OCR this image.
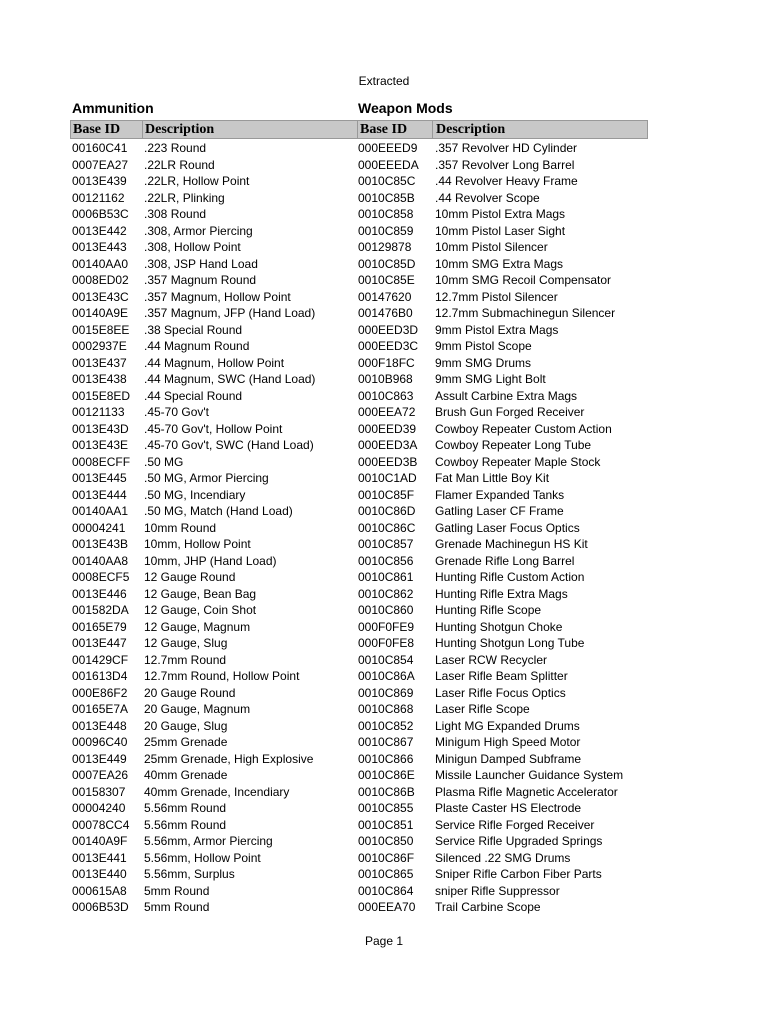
Extracted
Ammunition	Weapon Mods
Base ID Description	Base ID Description
00160C41 .223 Round
0007EA27 .22LR Round
0013E439 .22LR, Hollow Point
00121162 .22LR, Plinking
0006B53C .308 Round
0013E442 .308, Armor Piercing
0013E443 .308, Hollow Point
00140AA0 .308, JSP Hand Load
0008ED02 .357 Magnum Round
0013E43C .357 Magnum, Hollow Point
00140A9E .357 Magnum, JFP (Hand Load)
0015E8EE .38 Special Round
0002937E .44 Magnum Round
0013E437 .44 Magnum, Hollow Point
0013E438 .44 Magnum, SWC (Hand Load)
0015E8ED .44 Special Round
00121133 .45-70 Gov't
0013E43D .45-70 Gov't, Hollow Point
0013E43E .45-70 Gov't, SWC (Hand Load)
0008ECFF .50 MG
0013E445 .50 MG, Armor Piercing
0013E444 .50 MG, Incendiary
00140AA1 .50 MG, Match (Hand Load)
00004241 10mm Round
0013E43B 10mm, Hollow Point
00140AA8 10mm, JHP (Hand Load)
0008ECF5 12 Gauge Round
0013E446 12 Gauge, Bean Bag
001582DA 12 Gauge, Coin Shot
00165E79 12 Gauge, Magnum
0013E447 12 Gauge, Slug
001429CF 12.7mm Round
001613D4 12.7mm Round, Hollow Point
000E86F2 20 Gauge Round
00165E7A 20 Gauge, Magnum
0013E448 20 Gauge, Slug
00096C40 25mm Grenade
0013E449 25mm Grenade, High Explosive
0007EA26 40mm Grenade
00158307 40mm Grenade, Incendiary
00004240 5.56mm Round
00078CC4 5.56mm Round
00140A9F 5.56mm, Armor Piercing
0013E441 5.56mm, Hollow Point
0013E440 5.56mm, Surplus
000615A8 5mm Round
0006B53D 5mm Round
000EEED9 .357 Revolver HD Cylinder
000EEEDA .357 Revolver Long Barrel
0010C85C .44 Revolver Heavy Frame
0010C85B .44 Revolver Scope
0010C858 10mm Pistol Extra Mags
0010C859 10mm Pistol Laser Sight
00129878 10mm Pistol Silencer
0010C85D 10mm SMG Extra Mags
0010C85E 10mm SMG Recoil Compensator
00147620 12.7mm Pistol Silencer
001476B0 12.7mm Submachinegun Silencer
000EED3D 9mm Pistol Extra Mags
000EED3C 9mm Pistol Scope
000F18FC 9mm SMG Drums
0010B968 9mm SMG Light Bolt
0010C863 Assult Carbine Extra Mags
000EEA72 Brush Gun Forged Receiver
000EED39 Cowboy Repeater Custom Action
000EED3A Cowboy Repeater Long Tube
000EED3B Cowboy Repeater Maple Stock
0010C1AD Fat Man Little Boy Kit
0010C85F Flamer Expanded Tanks
0010C86D Gatling Laser CF Frame
0010C86C Gatling Laser Focus Optics
0010C857 Grenade Machinegun HS Kit
0010C856 Grenade Rifle Long Barrel
0010C861 Hunting Rifle Custom Action
0010C862 Hunting Rifle Extra Mags
0010C860 Hunting Rifle Scope
000F0FE9 Hunting Shotgun Choke
000F0FE8 Hunting Shotgun Long Tube
0010C854 Laser RCW Recycler
0010C86A Laser Rifle Beam Splitter
0010C869 Laser Rifle Focus Optics
0010C868 Laser Rifle Scope
0010C852 Light MG Expanded Drums
0010C867 Minigum High Speed Motor
0010C866 Minigun Damped Subframe
0010C86E Missile Launcher Guidance System
0010C86B Plasma Rifle Magnetic Accelerator
0010C855 Plaste Caster HS Electrode
0010C851 Service Rifle Forged Receiver
0010C850 Service Rifle Upgraded Springs
0010C86F Silenced .22 SMG Drums
0010C865 Sniper Rifle Carbon Fiber Parts
0010C864 sniper Rifle Suppressor
000EEA70 Trail Carbine Scope
Page 1
